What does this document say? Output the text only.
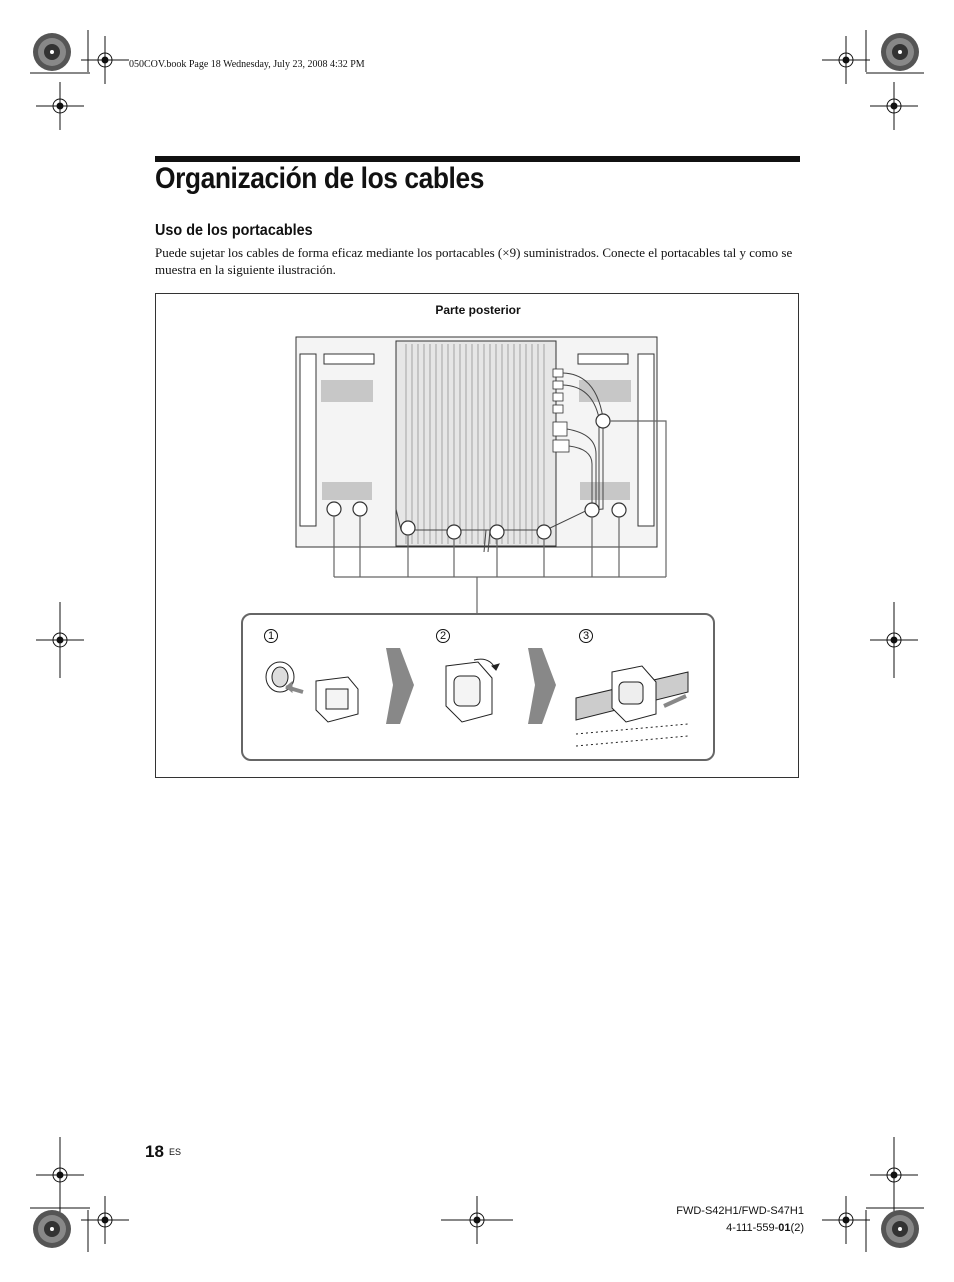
050COV.book Page 18 Wednesday, July 23, 2008 4:32 PM
Organización de los cables
Uso de los portacables

Puede sujetar los cables de forma eficaz mediante los portacables (×9) suministrados. Conecte el portacables tal y como se muestra en la siguiente ilustración.

Parte posterior
1	2	3
18 ES
FWD-S42H1/FWD-S47H1
4-111-559-01(2)
